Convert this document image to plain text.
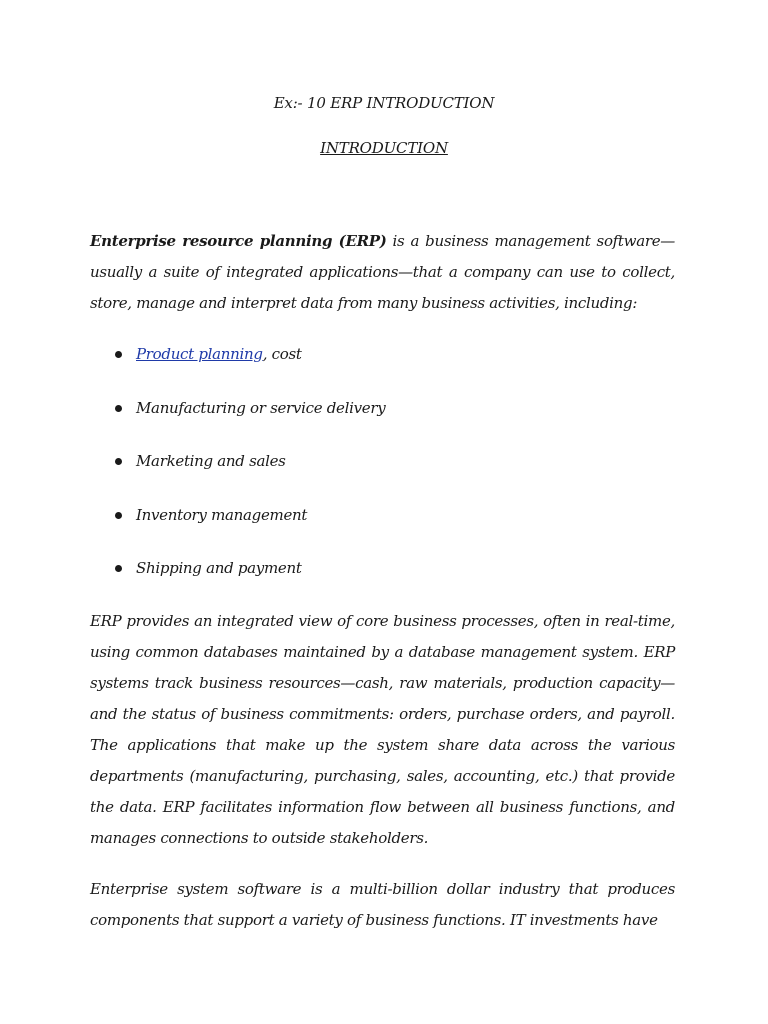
Ex:- 10 ERP INTRODUCTION
INTRODUCTION

Enterprise resource planning (ERP) is a business management software—usually a suite of integrated applications—that a company can use to collect, store, manage and interpret data from many business activities, including:

Product planning, cost
Manufacturing or service delivery
Marketing and sales
Inventory management
Shipping and payment

ERP provides an integrated view of core business processes, often in real-time, using common databases maintained by a database management system. ERP systems track business resources—cash, raw materials, production capacity—and the status of business commitments: orders, purchase orders, and payroll. The applications that make up the system share data across the various departments (manufacturing, purchasing, sales, accounting, etc.) that provide the data. ERP facilitates information flow between all business functions, and manages connections to outside stakeholders.

Enterprise system software is a multi-billion dollar industry that produces components that support a variety of business functions. IT investments have
